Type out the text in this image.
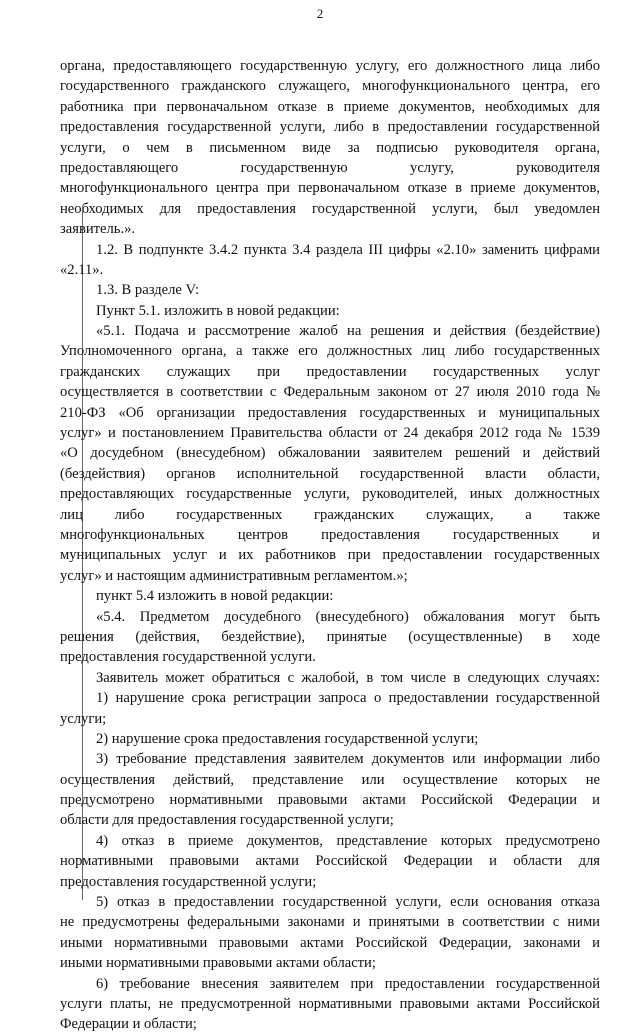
2
органа, предоставляющего государственную услугу, его должностного лица либо
государственного гражданского служащего, многофункционального центра, его
работника при первоначальном отказе в приеме документов, необходимых для
предоставления государственной услуги, либо в предоставлении государственной
услуги, о чем в письменном виде за подписью руководителя органа,
предоставляющего государственную услугу, руководителя
многофункционального центра при первоначальном отказе в приеме документов,
необходимых для предоставления государственной услуги, был уведомлен
заявитель.».
1.2. В подпункте 3.4.2 пункта 3.4 раздела III цифры «2.10» заменить цифрами
«2.11».
1.3. В разделе V:
Пункт 5.1. изложить в новой редакции:
«5.1. Подача и рассмотрение жалоб на решения и действия (бездействие)
Уполномоченного органа, а также его должностных лиц либо государственных
гражданских служащих при предоставлении государственных услуг
осуществляется в соответствии с Федеральным законом от 27 июля 2010 года №
210-ФЗ «Об организации предоставления государственных и муниципальных
услуг» и постановлением Правительства области от 24 декабря 2012 года № 1539
«О досудебном (внесудебном) обжаловании заявителем решений и действий
(бездействия) органов исполнительной государственной власти области,
предоставляющих государственные услуги, руководителей, иных должностных
лиц либо государственных гражданских служащих, а также
многофункциональных центров предоставления государственных и
муниципальных услуг и их работников при предоставлении государственных
услуг» и настоящим административным регламентом.»;
пункт 5.4 изложить в новой редакции:
«5.4. Предметом досудебного (внесудебного) обжалования могут быть
решения (действия, бездействие), принятые (осуществленные) в ходе
предоставления государственной услуги.
Заявитель может обратиться с жалобой, в том числе в следующих случаях:
1) нарушение срока регистрации запроса о предоставлении государственной
услуги;
2) нарушение срока предоставления государственной услуги;
3) требование представления заявителем документов или информации либо
осуществления действий, представление или осуществление которых не
предусмотрено нормативными правовыми актами Российской Федерации и
области для предоставления государственной услуги;
4) отказ в приеме документов, представление которых предусмотрено
нормативными правовыми актами Российской Федерации и области для
предоставления государственной услуги;
5) отказ в предоставлении государственной услуги, если основания отказа
не предусмотрены федеральными законами и принятыми в соответствии с ними
иными нормативными правовыми актами Российской Федерации, законами и
иными нормативными правовыми актами области;
6) требование внесения заявителем при предоставлении государственной
услуги платы, не предусмотренной нормативными правовыми актами Российской
Федерации и области;
